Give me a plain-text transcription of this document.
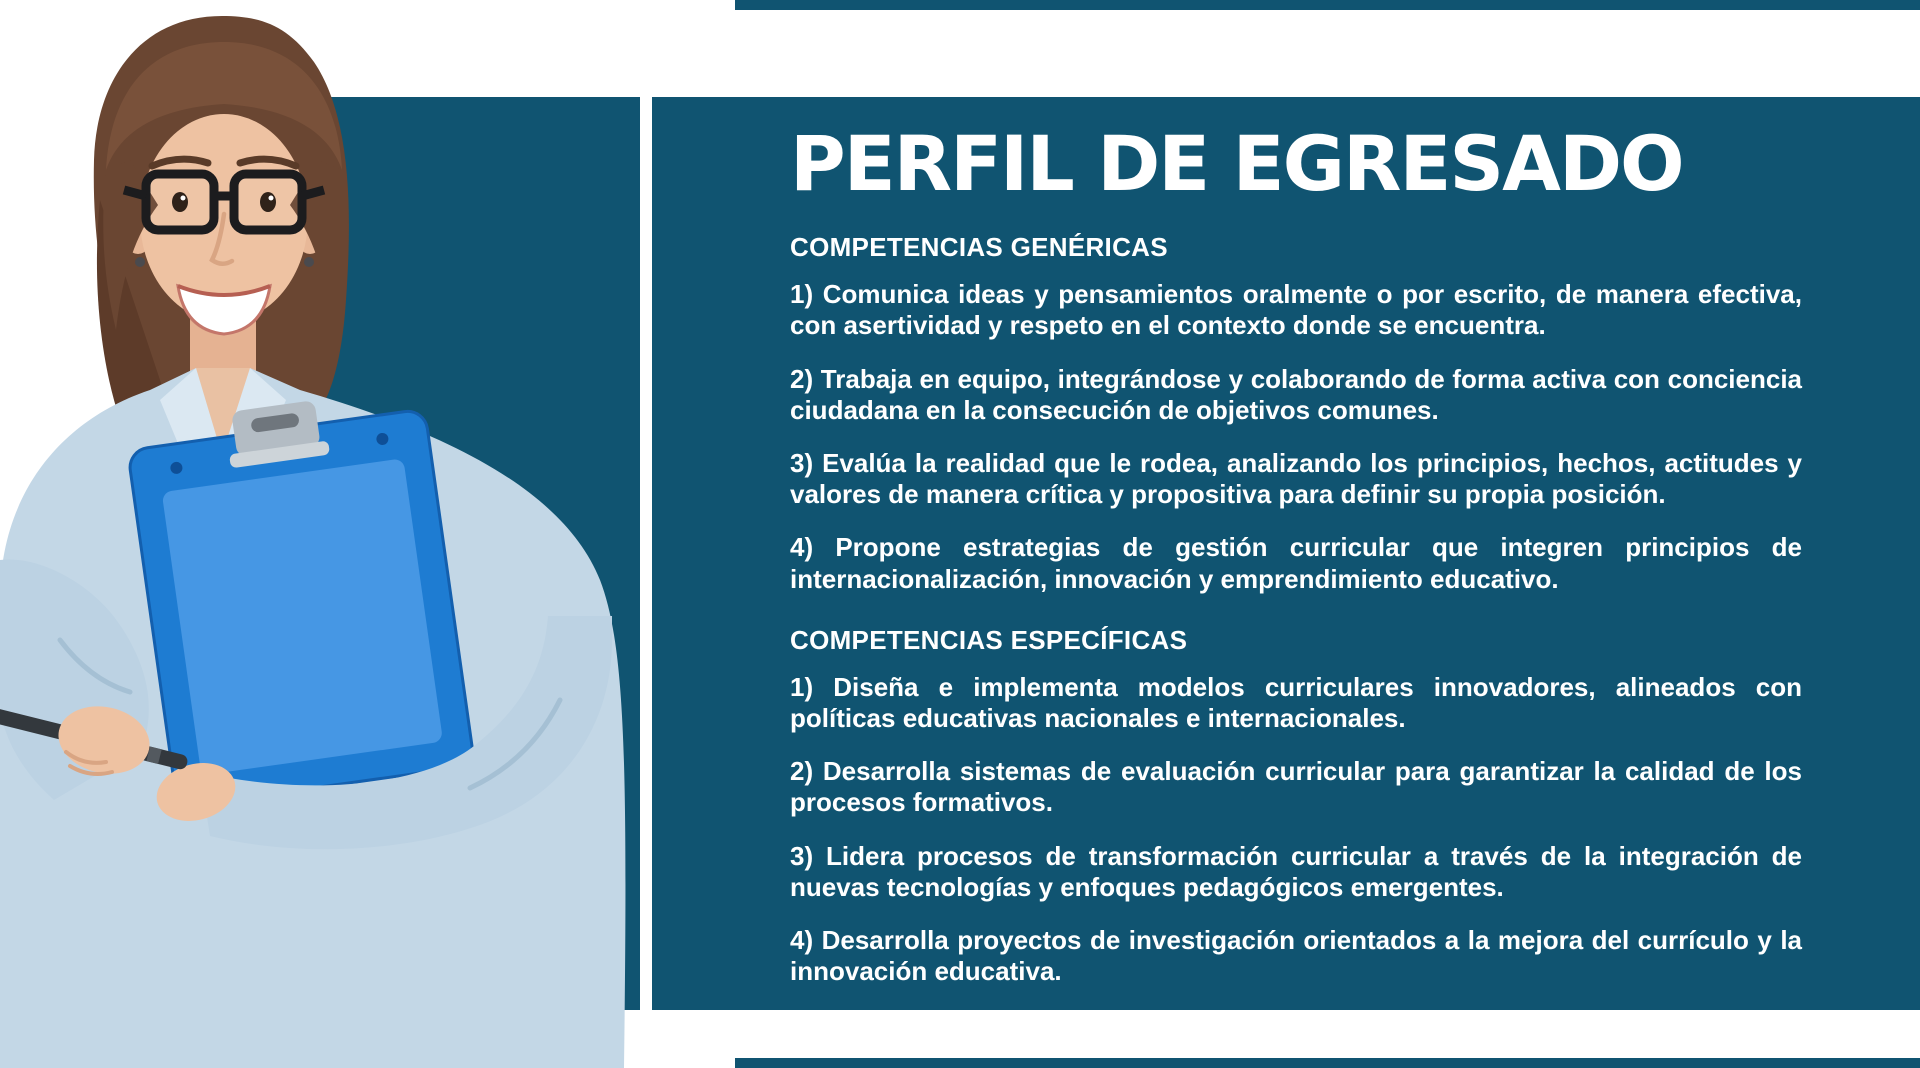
PERFIL DE EGRESADO
COMPETENCIAS GENÉRICAS

1) Comunica ideas y pensamientos oralmente o por escrito, de manera efectiva, con asertividad y respeto en el contexto donde se encuentra.

2) Trabaja en equipo, integrándose y colaborando de forma activa con conciencia ciudadana en la consecución de objetivos comunes.

3) Evalúa la realidad que le rodea, analizando los principios, hechos, actitudes y valores de manera crítica y propositiva para definir su propia posición.

4) Propone estrategias de gestión curricular que integren principios de internacionalización, innovación y emprendimiento educativo.

COMPETENCIAS ESPECÍFICAS

1) Diseña e implementa modelos curriculares innovadores, alineados con políticas educativas nacionales e internacionales.

2) Desarrolla sistemas de evaluación curricular para garantizar la calidad de los procesos formativos.

3) Lidera procesos de transformación curricular a través de la integración de nuevas tecnologías y enfoques pedagógicos emergentes.

4) Desarrolla proyectos de investigación orientados a la mejora del currículo y la innovación educativa.
